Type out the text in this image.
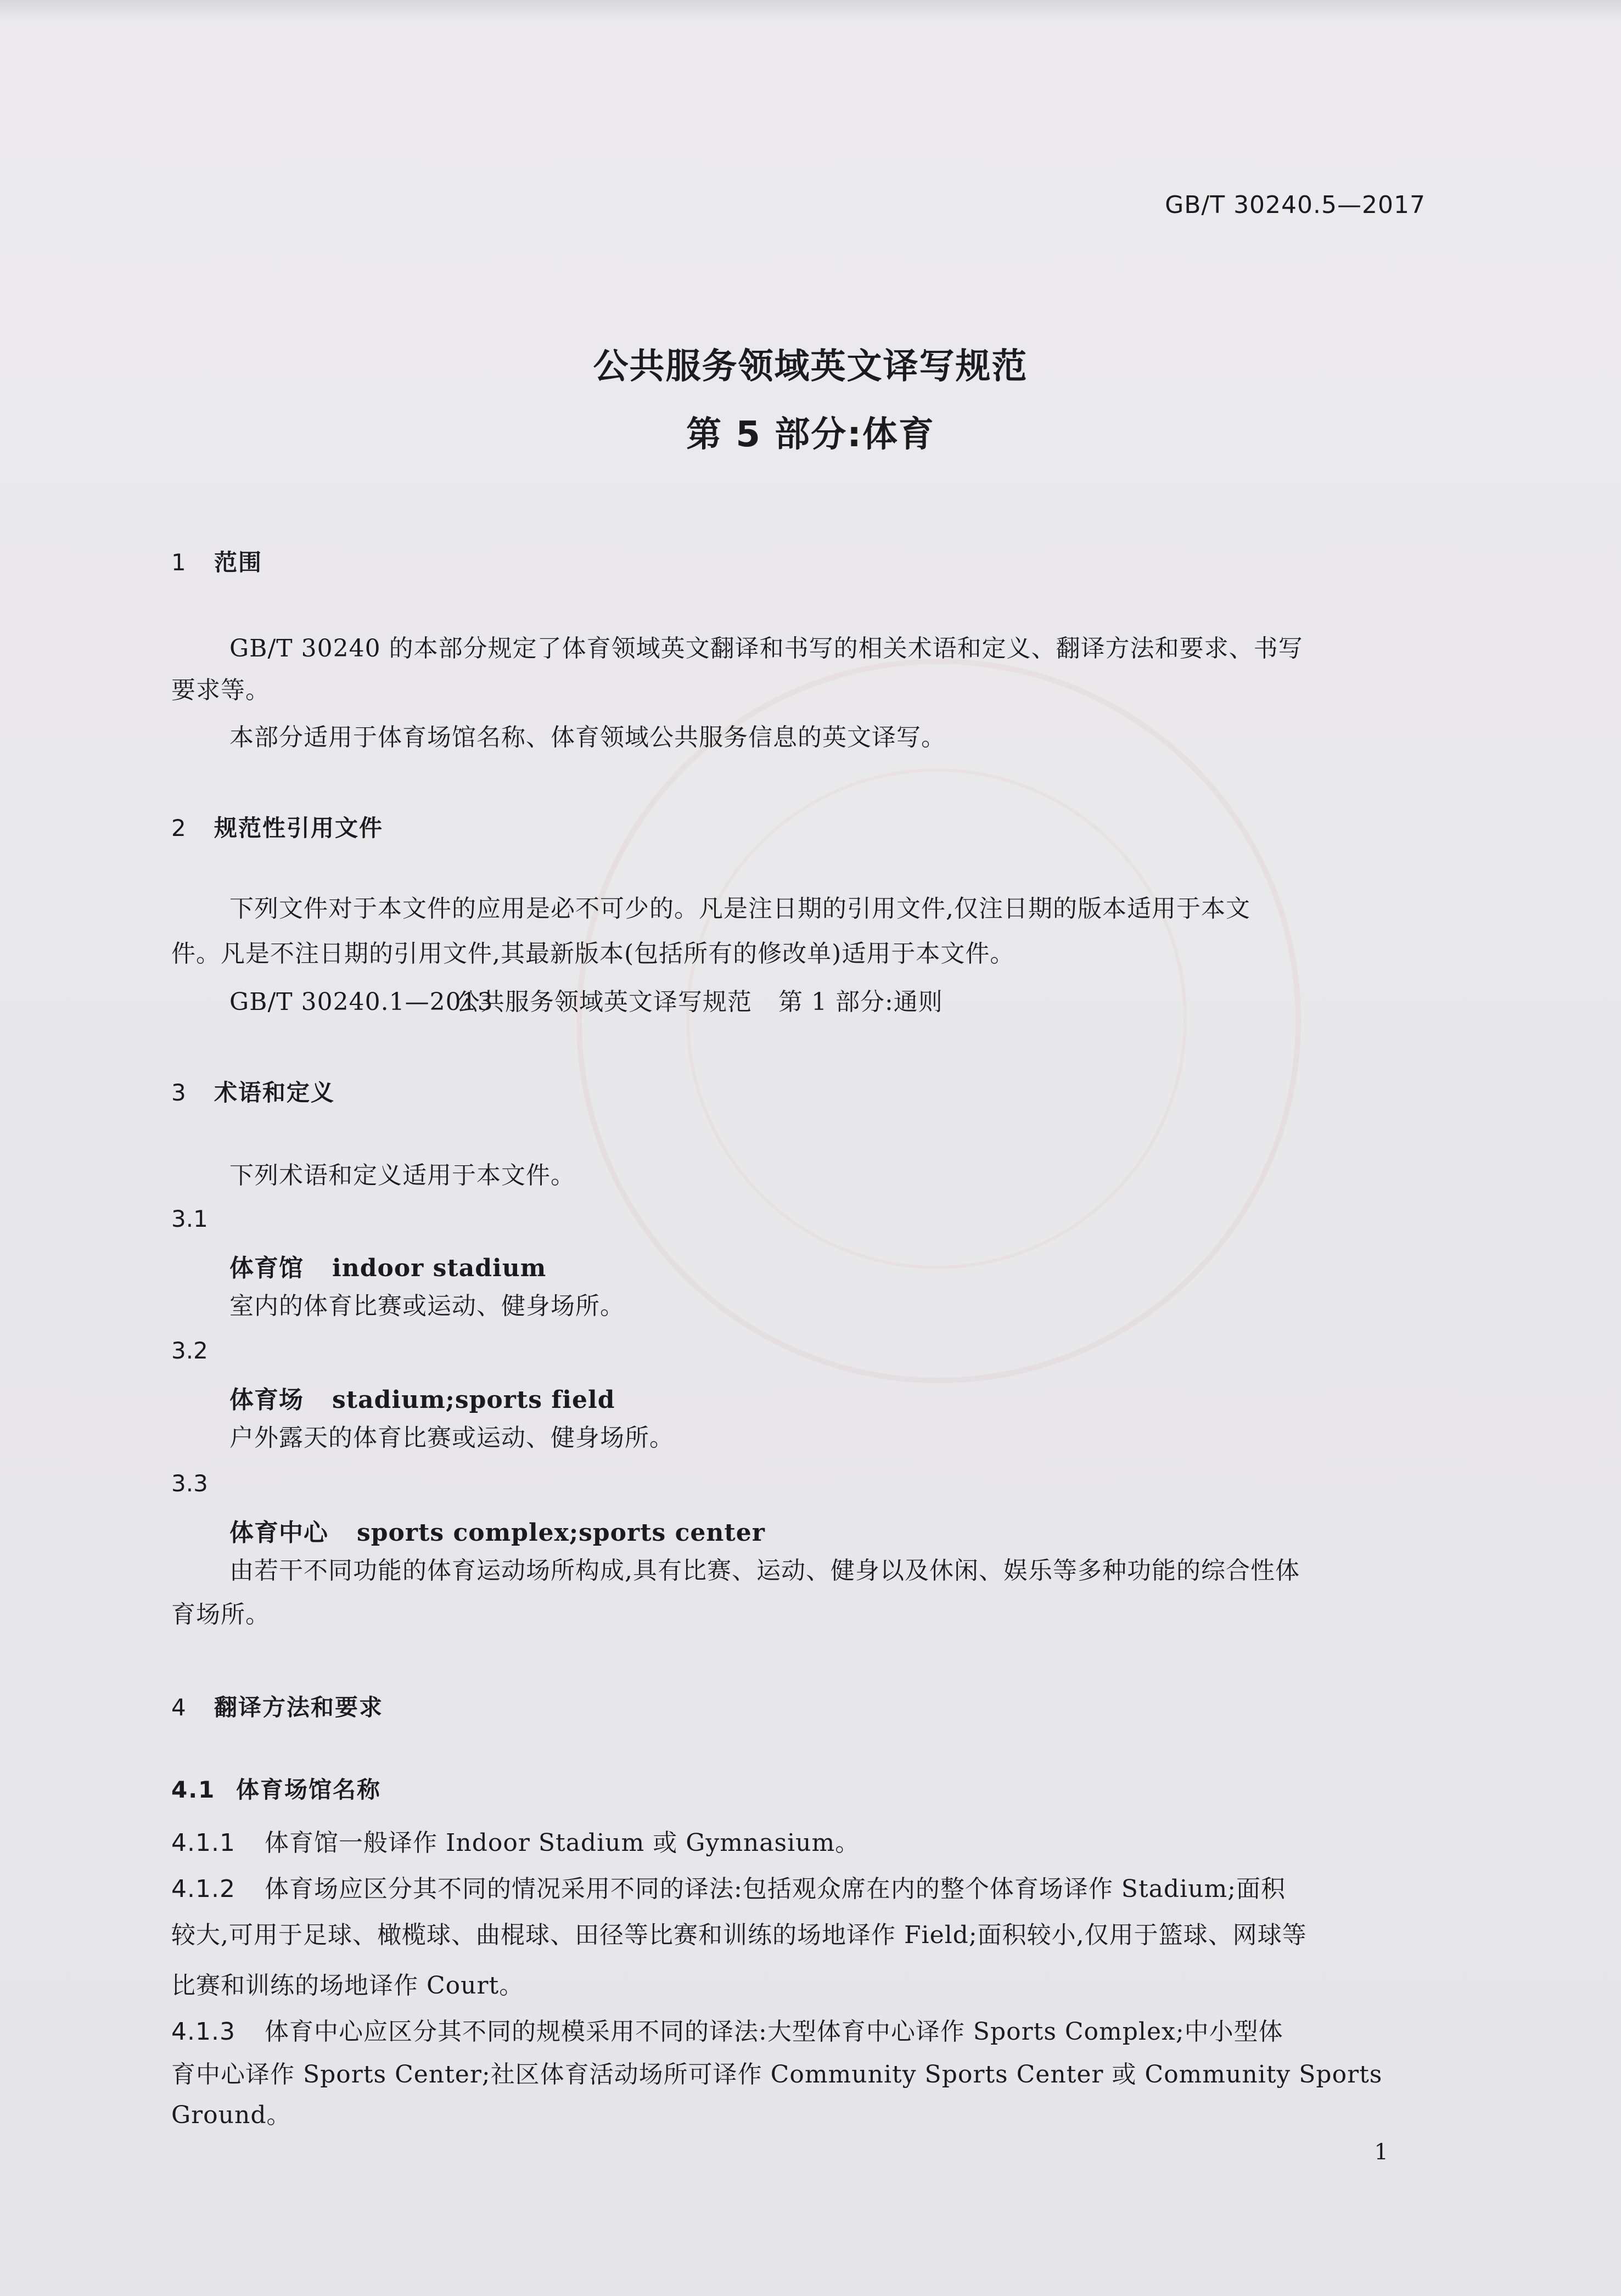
GB/T 30240.5—2017
公共服务领域英文译写规范
第 5 部分:体育
1 范围
GB/T 30240 的本部分规定了体育领域英文翻译和书写的相关术语和定义、翻译方法和要求、书写
要求等。
本部分适用于体育场馆名称、体育领域公共服务信息的英文译写。
2 规范性引用文件
下列文件对于本文件的应用是必不可少的。凡是注日期的引用文件,仅注日期的版本适用于本文
件。凡是不注日期的引用文件,其最新版本(包括所有的修改单)适用于本文件。
GB/T 30240.1—2013公共服务领域英文译写规范 第 1 部分:通则
3 术语和定义
下列术语和定义适用于本文件。
3.1
体育馆 indoor stadium
室内的体育比赛或运动、健身场所。
3.2
体育场 stadium;sports field
户外露天的体育比赛或运动、健身场所。
3.3
体育中心 sports complex;sports center
由若干不同功能的体育运动场所构成,具有比赛、运动、健身以及休闲、娱乐等多种功能的综合性体
育场所。
4 翻译方法和要求
4.1 体育场馆名称
4.1.1 体育馆一般译作 Indoor Stadium 或 Gymnasium。
4.1.2 体育场应区分其不同的情况采用不同的译法:包括观众席在内的整个体育场译作 Stadium;面积
较大,可用于足球、橄榄球、曲棍球、田径等比赛和训练的场地译作 Field;面积较小,仅用于篮球、网球等
比赛和训练的场地译作 Court。
4.1.3 体育中心应区分其不同的规模采用不同的译法:大型体育中心译作 Sports Complex;中小型体
育中心译作 Sports Center;社区体育活动场所可译作 Community Sports Center 或 Community Sports
Ground。
1
